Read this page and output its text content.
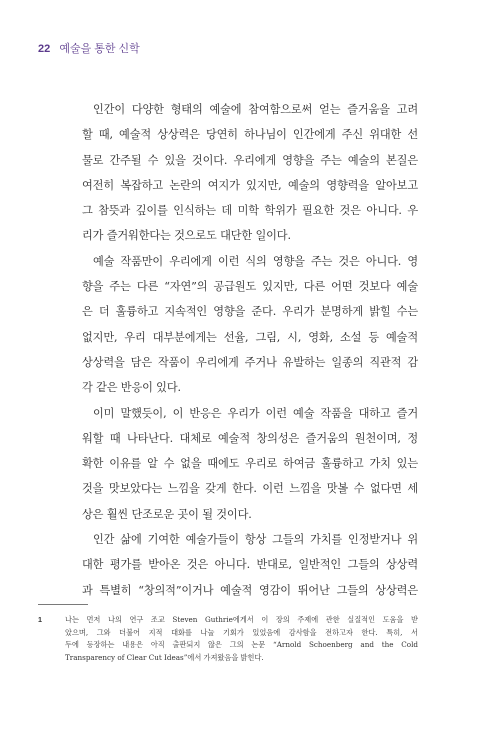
22 예술을 통한 신학
인간이 다양한 형태의 예술에 참여함으로써 얻는 즐거움을 고려
할 때, 예술적 상상력은 당연히 하나님이 인간에게 주신 위대한 선
물로 간주될 수 있을 것이다. 우리에게 영향을 주는 예술의 본질은
여전히 복잡하고 논란의 여지가 있지만, 예술의 영향력을 알아보고
그 참뜻과 깊이를 인식하는 데 미학 학위가 필요한 것은 아니다. 우
리가 즐거워한다는 것으로도 대단한 일이다.
예술 작품만이 우리에게 이런 식의 영향을 주는 것은 아니다. 영
향을 주는 다른 “자연”의 공급원도 있지만, 다른 어떤 것보다 예술
은 더 훌륭하고 지속적인 영향을 준다. 우리가 분명하게 밝힐 수는
없지만, 우리 대부분에게는 선율, 그림, 시, 영화, 소설 등 예술적
상상력을 담은 작품이 우리에게 주거나 유발하는 일종의 직관적 감
각 같은 반응이 있다.
이미 말했듯이, 이 반응은 우리가 이런 예술 작품을 대하고 즐거
워할 때 나타난다. 대체로 예술적 창의성은 즐거움의 원천이며, 정
확한 이유를 알 수 없을 때에도 우리로 하여금 훌륭하고 가치 있는
것을 맛보았다는 느낌을 갖게 한다. 이런 느낌을 맛볼 수 없다면 세
상은 훨씬 단조로운 곳이 될 것이다.
인간 삶에 기여한 예술가들이 항상 그들의 가치를 인정받거나 위
대한 평가를 받아온 것은 아니다. 반대로, 일반적인 그들의 상상력
과 특별히 “창의적”이거나 예술적 영감이 뛰어난 그들의 상상력은
1	나는 먼저 나의 연구 조교 Steven Guthrie에게서 이 장의 주제에 관한 실질적인 도움을 받
았으며, 그와 더불어 지적 대화를 나눌 기회가 있었음에 감사함을 전하고자 한다. 특히, 서
두에 등장하는 내용은 아직 출판되지 않은 그의 논문 “Arnold Schoenberg and the Cold
Transparency of Clear Cut Ideas”에서 가져왔음을 밝힌다.
